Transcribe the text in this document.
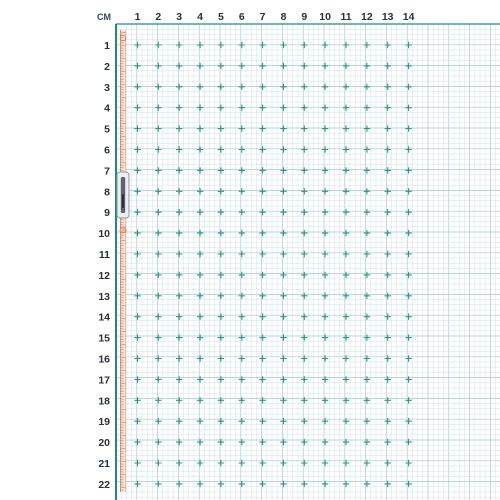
CM 1 2 3 4 5 6 7 8 9 10 11 12 13 14
1
2
3
4
5
6
7
8
9
10
11
12
13
14
15
16
17
18
19
20
21
22
